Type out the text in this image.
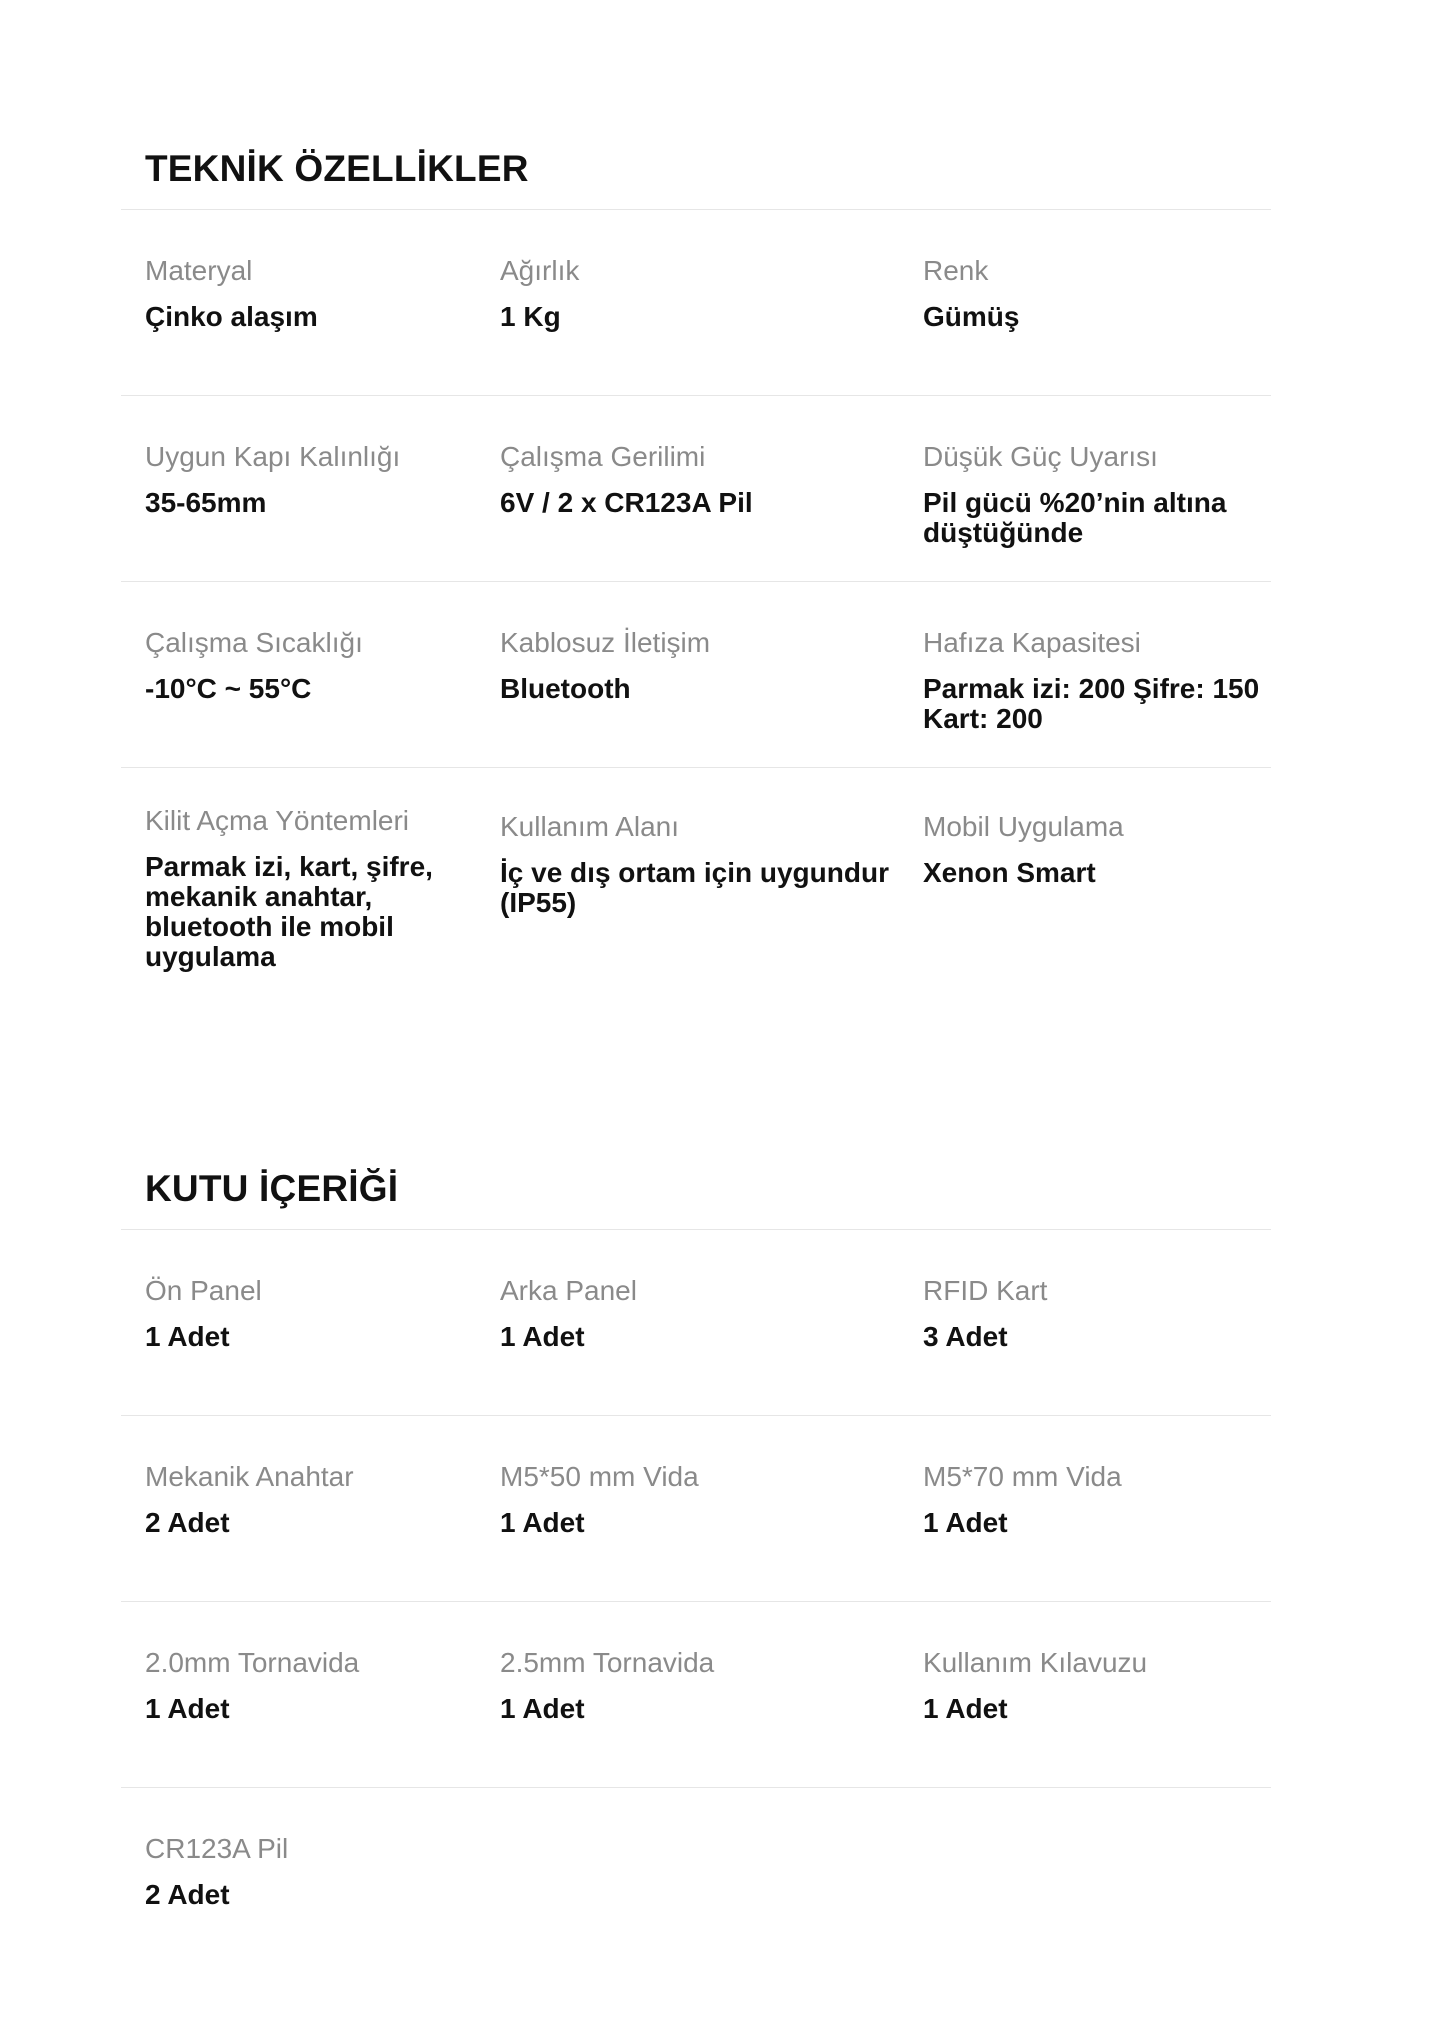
TEKNİK ÖZELLİKLER
Materyal
Çinko alaşım
Ağırlık
1 Kg
Renk
Gümüş
Uygun Kapı Kalınlığı
35-65mm
Çalışma Gerilimi
6V / 2 x CR123A Pil
Düşük Güç Uyarısı
Pil gücü %20’nin altına düştüğünde
Çalışma Sıcaklığı
-10°C ~ 55°C
Kablosuz İletişim
Bluetooth
Hafıza Kapasitesi
Parmak izi: 200 Şifre: 150 Kart: 200
Kilit Açma Yöntemleri
Parmak izi, kart, şifre, mekanik anahtar, bluetooth ile mobil uygulama
Kullanım Alanı
İç ve dış ortam için uygundur (IP55)
Mobil Uygulama
Xenon Smart
KUTU İÇERİĞİ
Ön Panel
1 Adet
Arka Panel
1 Adet
RFID Kart
3 Adet
Mekanik Anahtar
2 Adet
M5*50 mm Vida
1 Adet
M5*70 mm Vida
1 Adet
2.0mm Tornavida
1 Adet
2.5mm Tornavida
1 Adet
Kullanım Kılavuzu
1 Adet
CR123A Pil
2 Adet
